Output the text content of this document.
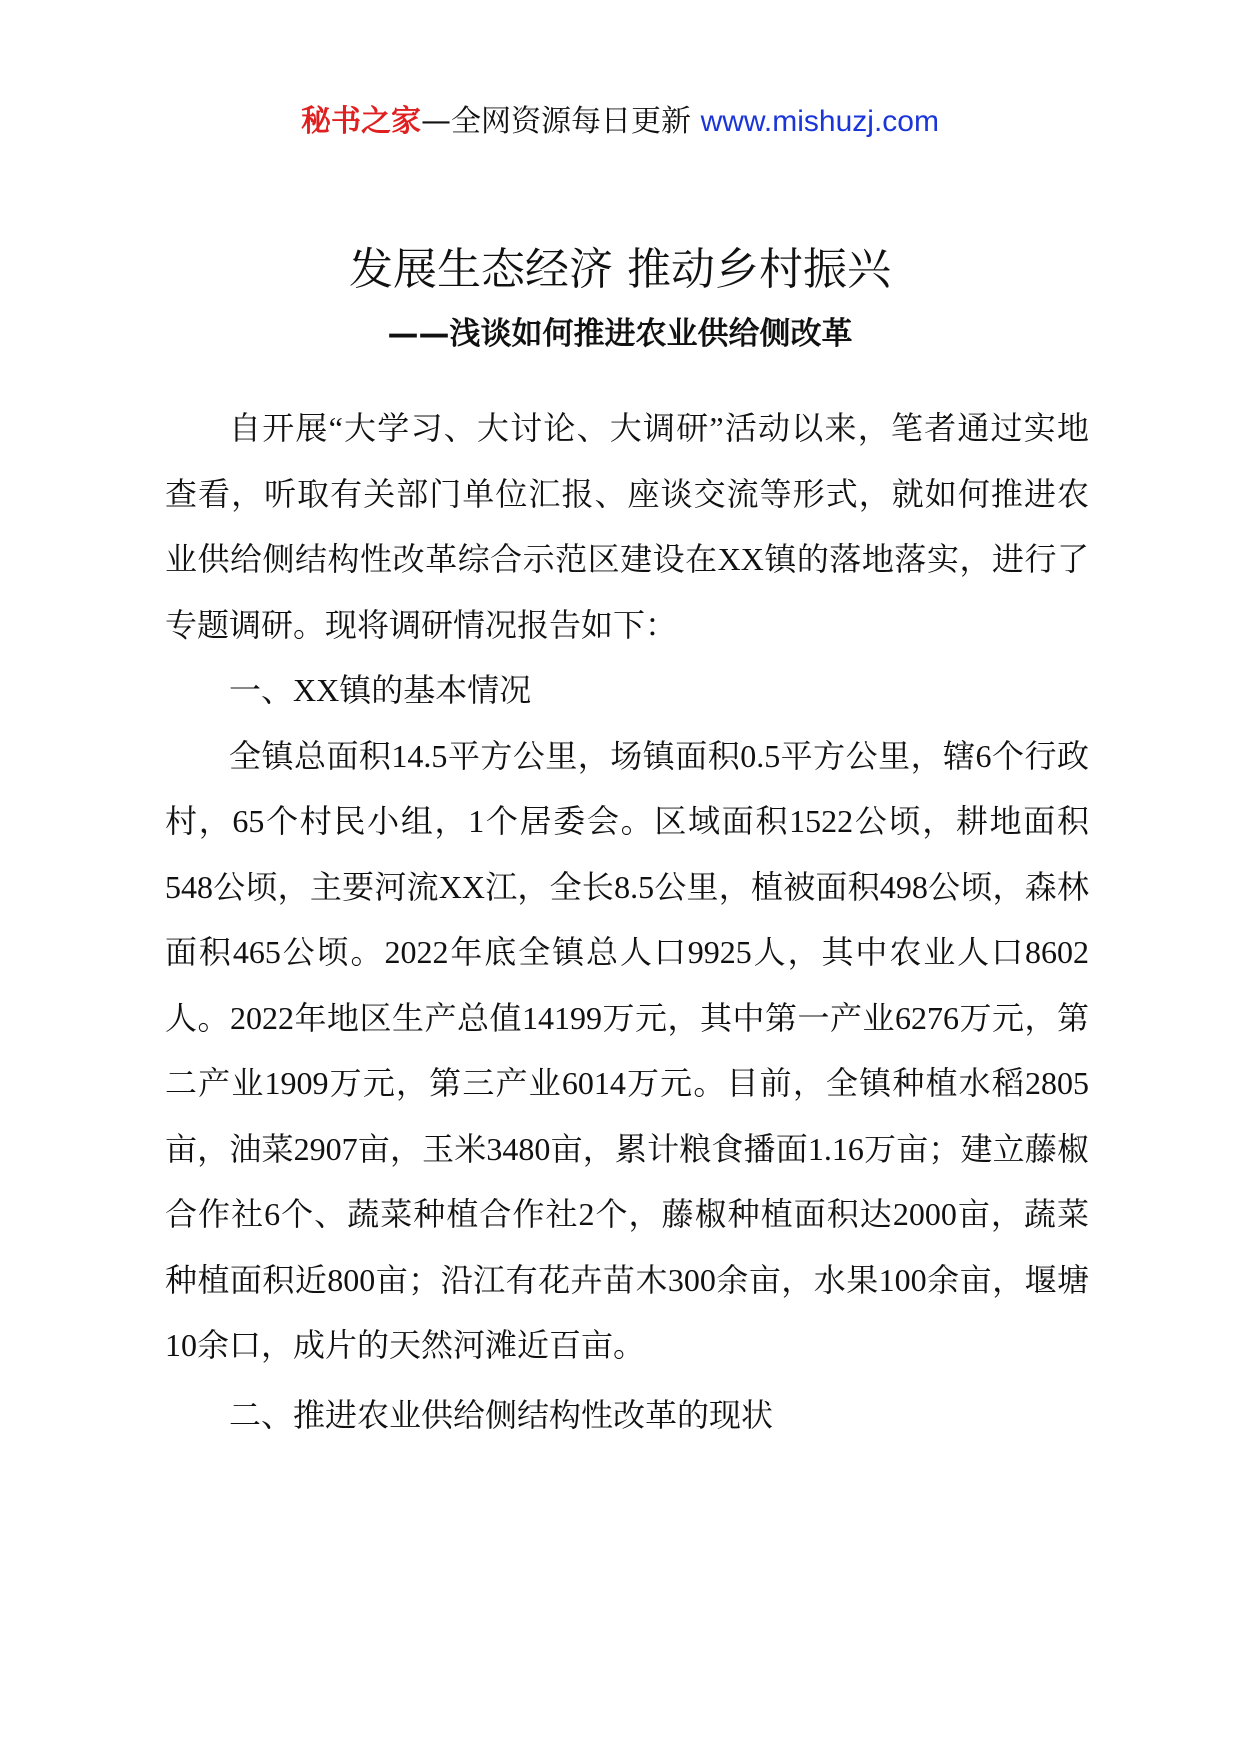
秘书之家—全网资源每日更新 www.mishuzj.com
发展生态经济 推动乡村振兴
——浅谈如何推进农业供给侧改革

自开展“大学习、大讨论、大调研”活动以来，笔者通过实地查看，听取有关部门单位汇报、座谈交流等形式，就如何推进农业供给侧结构性改革综合示范区建设在XX镇的落地落实，进行了专题调研。现将调研情况报告如下：

一、XX镇的基本情况

全镇总面积14.5平方公里，场镇面积0.5平方公里，辖6个行政村，65个村民小组，1个居委会。区域面积1522公顷，耕地面积548公顷，主要河流XX江，全长8.5公里，植被面积498公顷，森林面积465公顷。2022年底全镇总人口9925人，其中农业人口8602人。2022年地区生产总值14199万元，其中第一产业6276万元，第二产业1909万元，第三产业6014万元。目前，全镇种植水稻2805亩，油菜2907亩，玉米3480亩，累计粮食播面1.16万亩；建立藤椒合作社6个、蔬菜种植合作社2个，藤椒种植面积达2000亩，蔬菜种植面积近800亩；沿江有花卉苗木300余亩，水果100余亩，堰塘10余口，成片的天然河滩近百亩。

二、推进农业供给侧结构性改革的现状
